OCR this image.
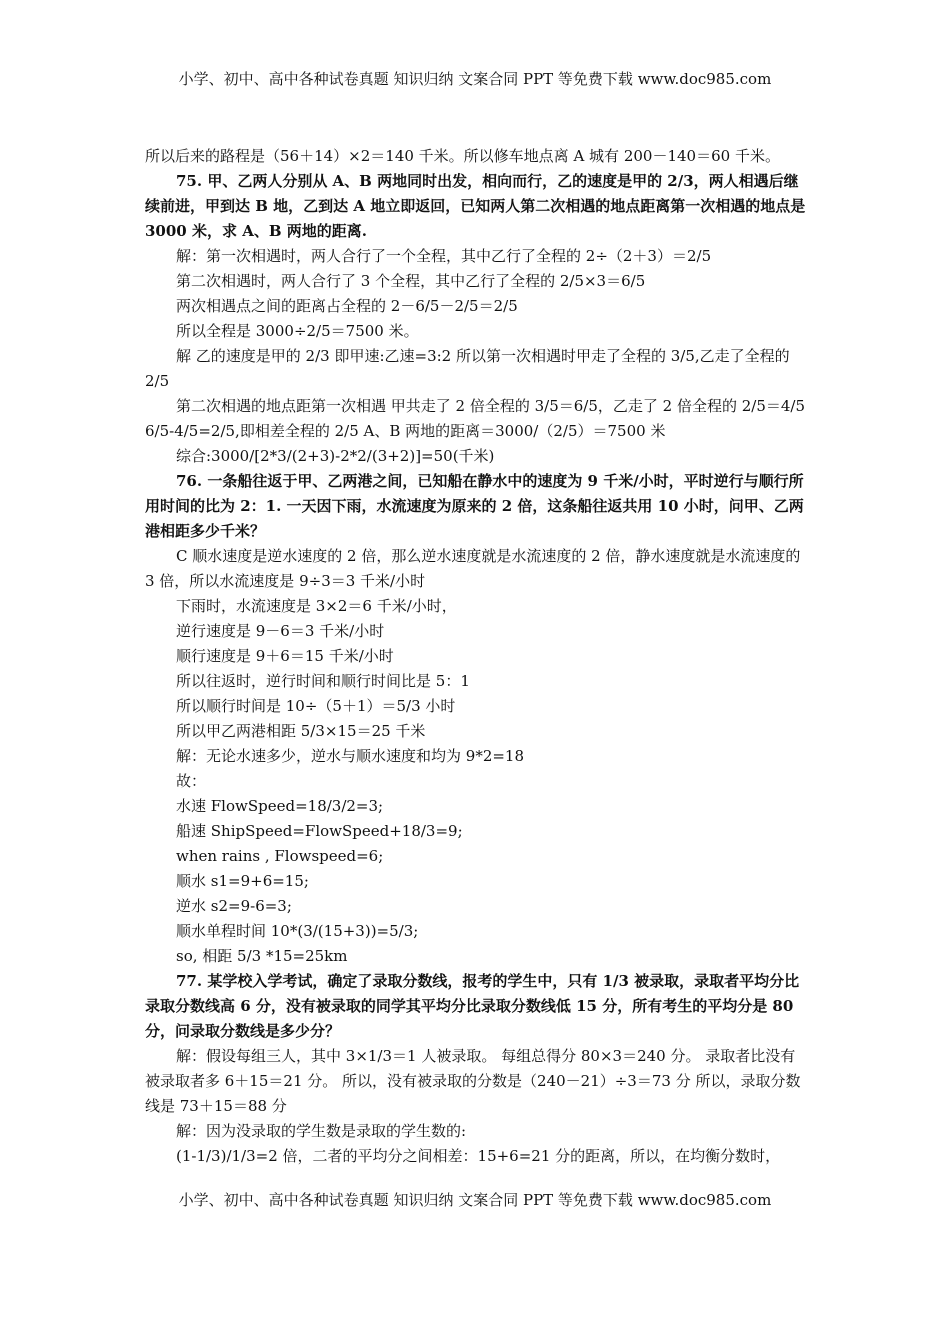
小学、初中、高中各种试卷真题 知识归纳 文案合同 PPT 等免费下载 www.doc985.com

所以后来的路程是（56＋14）×2＝140 千米。所以修车地点离 A 城有 200－140＝60 千米。

75. 甲、乙两人分别从 A、B 两地同时出发，相向而行，乙的速度是甲的 2/3，两人相遇后继续前进，甲到达 B 地，乙到达 A 地立即返回，已知两人第二次相遇的地点距离第一次相遇的地点是 3000 米，求 A、B 两地的距离.

解：第一次相遇时，两人合行了一个全程，其中乙行了全程的 2÷（2＋3）＝2/5

第二次相遇时，两人合行了 3 个全程，其中乙行了全程的 2/5×3＝6/5

两次相遇点之间的距离占全程的 2－6/5－2/5＝2/5

所以全程是 3000÷2/5＝7500 米。

解 乙的速度是甲的 2/3 即甲速:乙速=3:2 所以第一次相遇时甲走了全程的 3/5,乙走了全程的 2/5

第二次相遇的地点距第一次相遇 甲共走了 2 倍全程的 3/5＝6/5，乙走了 2 倍全程的 2/5＝4/5 6/5-4/5=2/5,即相差全程的 2/5 A、B 两地的距离＝3000/（2/5）＝7500 米

综合:3000/[2*3/(2+3)-2*2/(3+2)]=50(千米)

76. 一条船往返于甲、乙两港之间，已知船在静水中的速度为 9 千米/小时，平时逆行与顺行所用时间的比为 2：1. 一天因下雨，水流速度为原来的 2 倍，这条船往返共用 10 小时，问甲、乙两港相距多少千米？

C 顺水速度是逆水速度的 2 倍，那么逆水速度就是水流速度的 2 倍，静水速度就是水流速度的 3 倍，所以水流速度是 9÷3＝3 千米/小时

下雨时，水流速度是 3×2＝6 千米/小时，

逆行速度是 9－6＝3 千米/小时

顺行速度是 9＋6＝15 千米/小时

所以往返时，逆行时间和顺行时间比是 5：1

所以顺行时间是 10÷（5＋1）＝5/3 小时

所以甲乙两港相距 5/3×15＝25 千米

解：无论水速多少，逆水与顺水速度和均为 9*2=18

故：

水速 FlowSpeed=18/3/2=3;

船速 ShipSpeed=FlowSpeed+18/3=9;

when rains , Flowspeed=6;

顺水 s1=9+6=15;

逆水 s2=9-6=3;

顺水单程时间 10*(3/(15+3))=5/3;

so, 相距 5/3 *15=25km

77. 某学校入学考试，确定了录取分数线，报考的学生中，只有 1/3 被录取，录取者平均分比录取分数线高 6 分，没有被录取的同学其平均分比录取分数线低 15 分，所有考生的平均分是 80 分，问录取分数线是多少分？

解：假设每组三人，其中 3×1/3＝1 人被录取。 每组总得分 80×3＝240 分。 录取者比没有被录取者多 6＋15＝21 分。 所以，没有被录取的分数是（240－21）÷3＝73 分 所以，录取分数线是 73＋15＝88 分

解：因为没录取的学生数是录取的学生数的:

(1-1/3)/1/3=2 倍，二者的平均分之间相差：15+6=21 分的距离，所以，在均衡分数时，

小学、初中、高中各种试卷真题 知识归纳 文案合同 PPT 等免费下载 www.doc985.com
